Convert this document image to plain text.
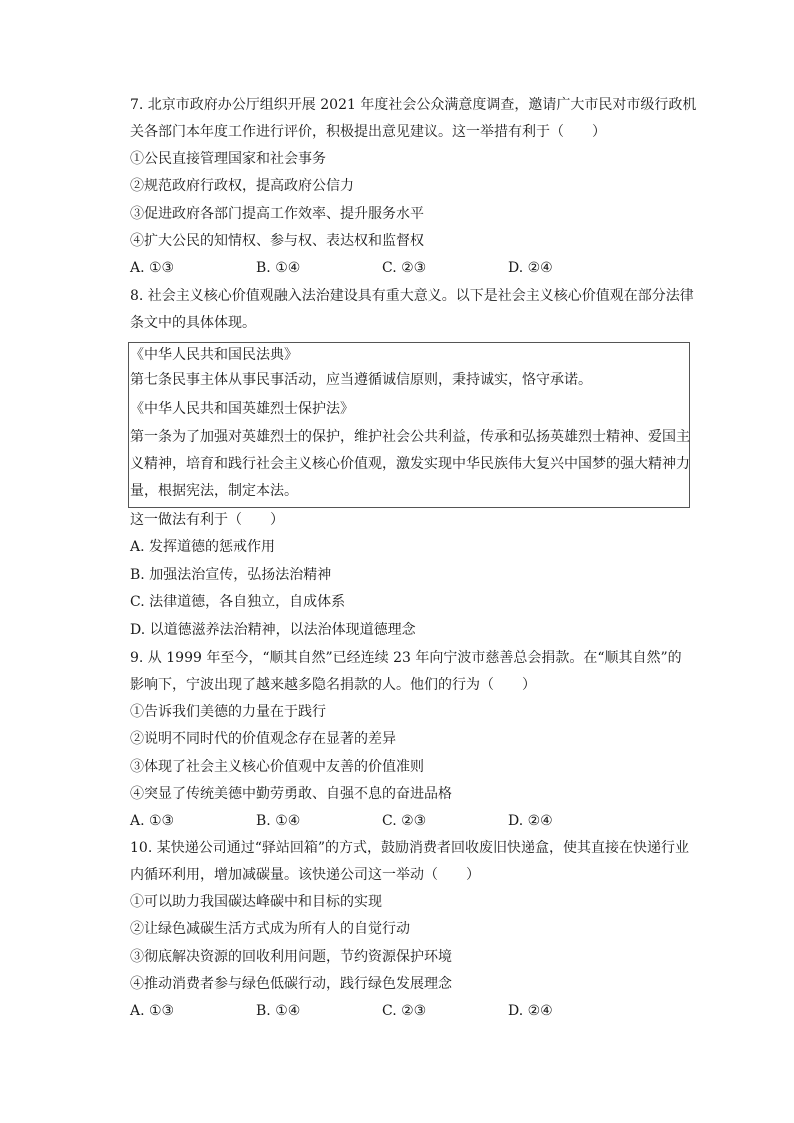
7. 北京市政府办公厅组织开展 2021 年度社会公众满意度调查，邀请广大市民对市级行政机
关各部门本年度工作进行评价，积极提出意见建议。这一举措有利于（　　）
①公民直接管理国家和社会事务
②规范政府行政权，提高政府公信力
③促进政府各部门提高工作效率、提升服务水平
④扩大公民的知情权、参与权、表达权和监督权
A. ①③	B. ①④	C. ②③	D. ②④
8. 社会主义核心价值观融入法治建设具有重大意义。以下是社会主义核心价值观在部分法律
条文中的具体体现。
《中华人民共和国民法典》
第七条民事主体从事民事活动，应当遵循诚信原则，秉持诚实，恪守承诺。
《中华人民共和国英雄烈士保护法》
第一条为了加强对英雄烈士的保护，维护社会公共利益，传承和弘扬英雄烈士精神、爱国主
义精神，培育和践行社会主义核心价值观，激发实现中华民族伟大复兴中国梦的强大精神力
量，根据宪法，制定本法。
这一做法有利于（　　）
A. 发挥道德的惩戒作用
B. 加强法治宣传，弘扬法治精神
C. 法律道德，各自独立，自成体系
D. 以道德滋养法治精神，以法治体现道德理念
9. 从 1999 年至今，“顺其自然”已经连续 23 年向宁波市慈善总会捐款。在“顺其自然”的
影响下，宁波出现了越来越多隐名捐款的人。他们的行为（　　）
①告诉我们美德的力量在于践行
②说明不同时代的价值观念存在显著的差异
③体现了社会主义核心价值观中友善的价值准则
④突显了传统美德中勤劳勇敢、自强不息的奋进品格
A. ①③	B. ①④	C. ②③	D. ②④
10. 某快递公司通过“驿站回箱”的方式，鼓励消费者回收废旧快递盒，使其直接在快递行业
内循环利用，增加减碳量。该快递公司这一举动（　　）
①可以助力我国碳达峰碳中和目标的实现
②让绿色减碳生活方式成为所有人的自觉行动
③彻底解决资源的回收利用问题，节约资源保护环境
④推动消费者参与绿色低碳行动，践行绿色发展理念
A. ①③	B. ①④	C. ②③	D. ②④
